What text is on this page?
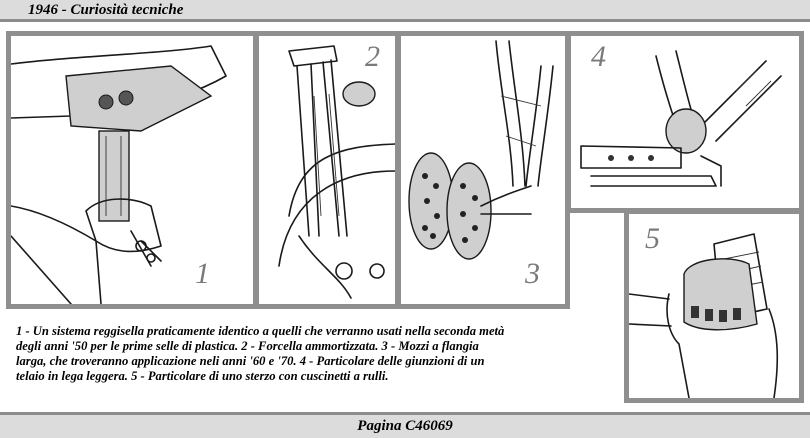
1946 - Curiosità tecniche
1
2
3
4
5
1 - Un sistema reggisella praticamente identico a quelli che verranno usati nella seconda metà
degli anni '50 per le prime selle di plastica. 2 - Forcella ammortizzata. 3 - Mozzi a flangia
larga, che troveranno applicazione neli anni '60 e '70. 4 - Particolare delle giunzioni di un
telaio in lega leggera. 5 - Particolare di uno sterzo con cuscinetti a rulli.
Pagina C46069
